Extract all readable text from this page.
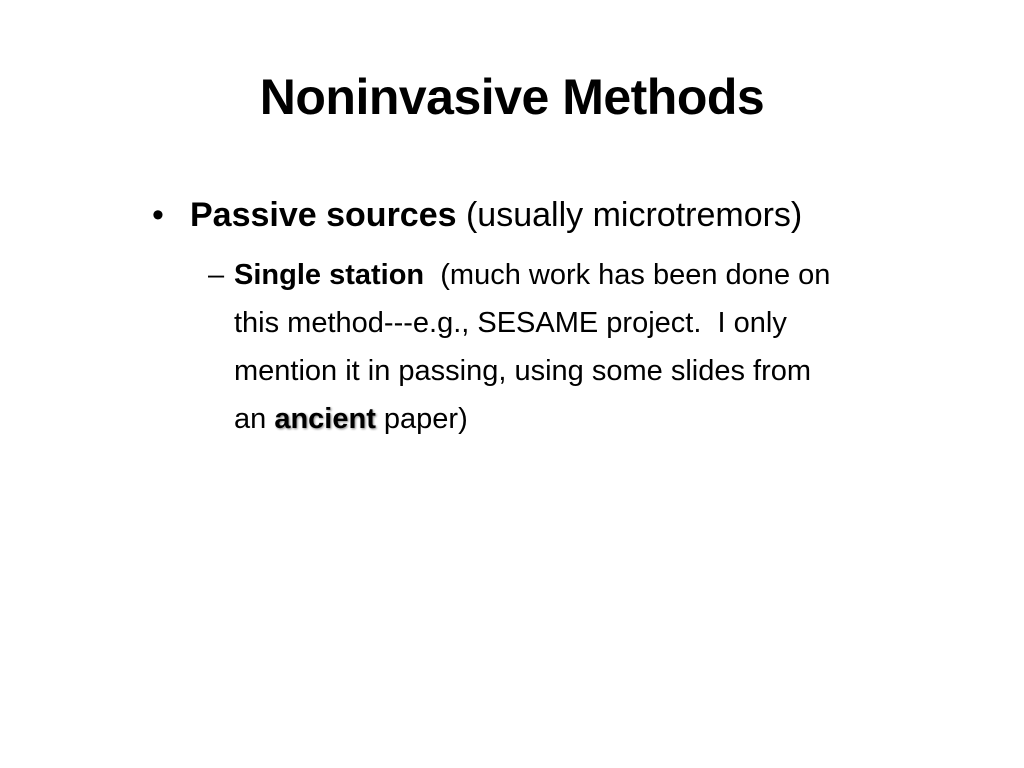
Noninvasive Methods
• Passive sources (usually microtremors)
– Single station  (much work has been done on this method---e.g., SESAME project.  I only mention it in passing, using some slides from an ancient paper)
